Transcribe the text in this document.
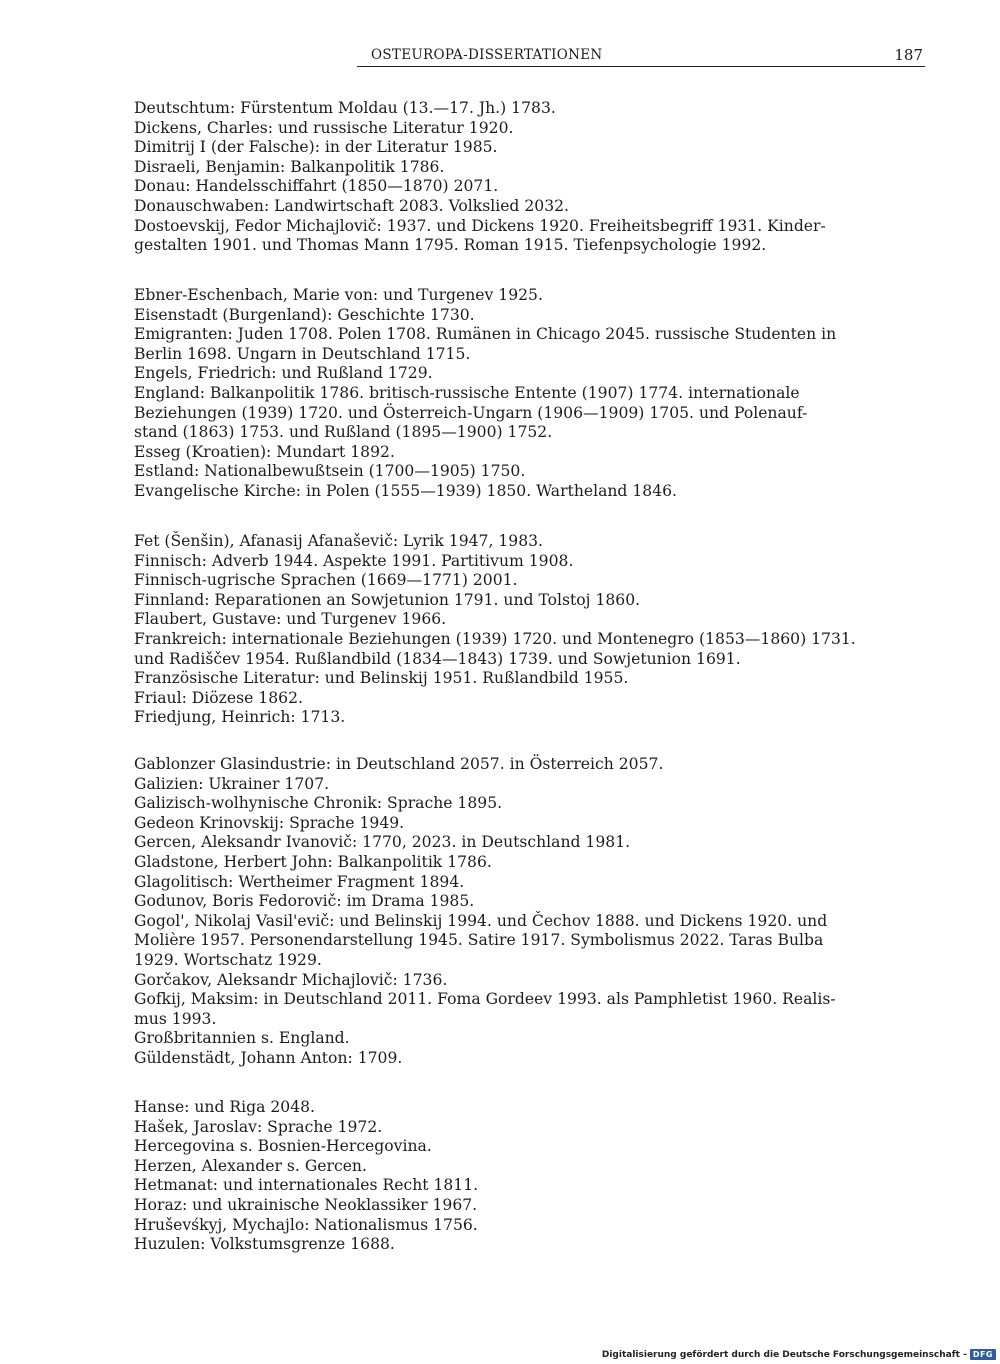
OSTEUROPA-DISSERTATIONEN	187

Deutschtum: Fürstentum Moldau (13.—17. Jh.) 1783.

Dickens, Charles: und russische Literatur 1920.

Dimitrij I (der Falsche): in der Literatur 1985.

Disraeli, Benjamin: Balkanpolitik 1786.

Donau: Handelsschiffahrt (1850—1870) 2071.

Donauschwaben: Landwirtschaft 2083. Volkslied 2032.

Dostoevskij, Fedor Michajlovič: 1937. und Dickens 1920. Freiheitsbegriff 1931. Kinder-
gestalten 1901. und Thomas Mann 1795. Roman 1915. Tiefenpsychologie 1992.

Ebner-Eschenbach, Marie von: und Turgenev 1925.

Eisenstadt (Burgenland): Geschichte 1730.

Emigranten: Juden 1708. Polen 1708. Rumänen in Chicago 2045. russische Studenten in
Berlin 1698. Ungarn in Deutschland 1715.

Engels, Friedrich: und Rußland 1729.

England: Balkanpolitik 1786. britisch-russische Entente (1907) 1774. internationale
Beziehungen (1939) 1720. und Österreich-Ungarn (1906—1909) 1705. und Polenauf-
stand (1863) 1753. und Rußland (1895—1900) 1752.

Esseg (Kroatien): Mundart 1892.

Estland: Nationalbewußtsein (1700—1905) 1750.

Evangelische Kirche: in Polen (1555—1939) 1850. Wartheland 1846.

Fet (Šenšin), Afanasij Afanaševič: Lyrik 1947, 1983.

Finnisch: Adverb 1944. Aspekte 1991. Partitivum 1908.

Finnisch-ugrische Sprachen (1669—1771) 2001.

Finnland: Reparationen an Sowjetunion 1791. und Tolstoj 1860.

Flaubert, Gustave: und Turgenev 1966.

Frankreich: internationale Beziehungen (1939) 1720. und Montenegro (1853—1860) 1731.
und Radiščev 1954. Rußlandbild (1834—1843) 1739. und Sowjetunion 1691.

Französische Literatur: und Belinskij 1951. Rußlandbild 1955.

Friaul: Diözese 1862.

Friedjung, Heinrich: 1713.

Gablonzer Glasindustrie: in Deutschland 2057. in Österreich 2057.

Galizien: Ukrainer 1707.

Galizisch-wolhynische Chronik: Sprache 1895.

Gedeon Krinovskij: Sprache 1949.

Gercen, Aleksandr Ivanovič: 1770, 2023. in Deutschland 1981.

Gladstone, Herbert John: Balkanpolitik 1786.

Glagolitisch: Wertheimer Fragment 1894.

Godunov, Boris Fedorovič: im Drama 1985.

Gogol', Nikolaj Vasil'evič: und Belinskij 1994. und Čechov 1888. und Dickens 1920. und
Molière 1957. Personendarstellung 1945. Satire 1917. Symbolismus 2022. Taras Bulba
1929. Wortschatz 1929.

Gorčakov, Aleksandr Michajlovič: 1736.

Gofkij, Maksim: in Deutschland 2011. Foma Gordeev 1993. als Pamphletist 1960. Realis-
mus 1993.

Großbritannien s. England.

Güldenstädt, Johann Anton: 1709.

Hanse: und Riga 2048.

Hašek, Jaroslav: Sprache 1972.

Hercegovina s. Bosnien-Hercegovina.

Herzen, Alexander s. Gercen.

Hetmanat: und internationales Recht 1811.

Horaz: und ukrainische Neoklassiker 1967.

Hruševśkyj, Mychajlo: Nationalismus 1756.

Huzulen: Volkstumsgrenze 1688.

Digitalisierung gefördert durch die Deutsche Forschungsgemeinschaft - DFG
